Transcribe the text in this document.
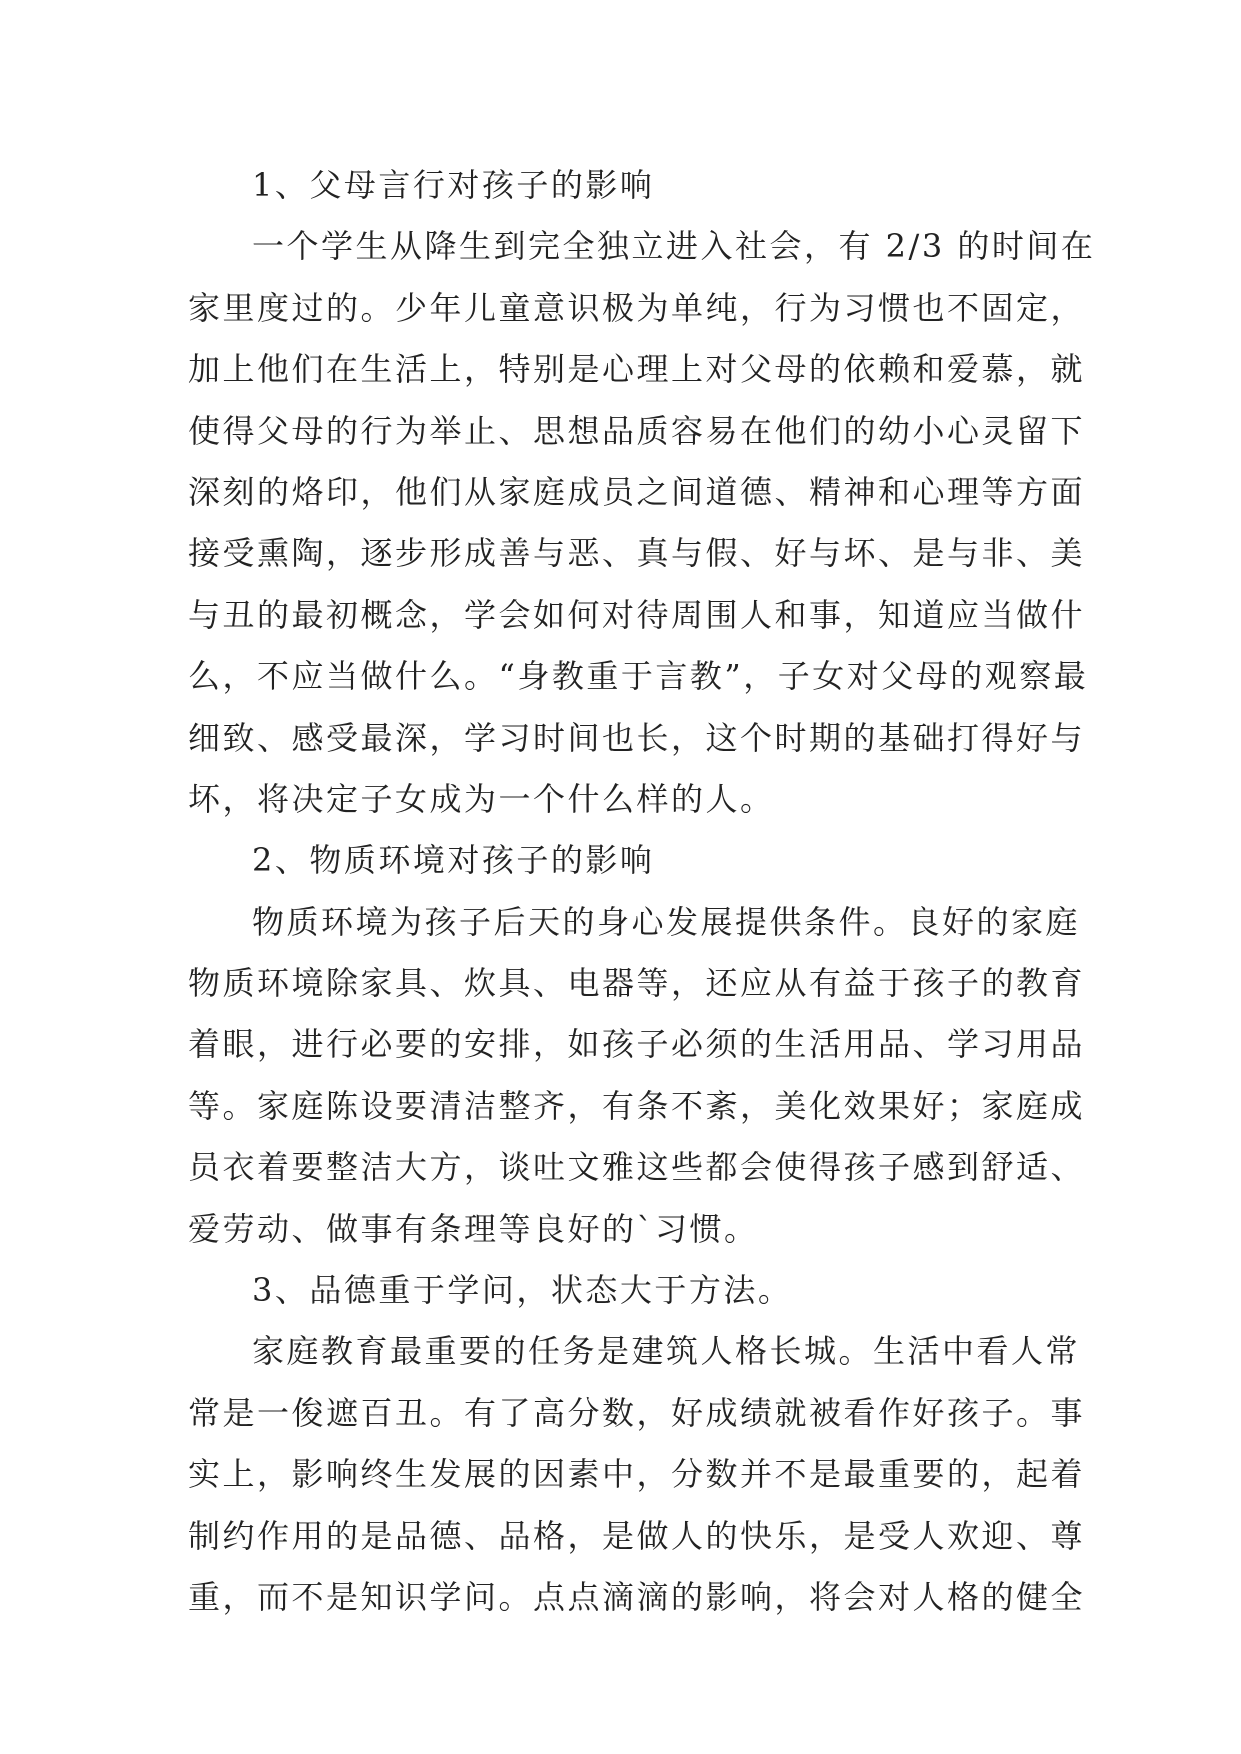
1、父母言行对孩子的影响
一个学生从降生到完全独立进入社会，有 2/3 的时间在
家里度过的。少年儿童意识极为单纯，行为习惯也不固定，
加上他们在生活上，特别是心理上对父母的依赖和爱慕，就
使得父母的行为举止、思想品质容易在他们的幼小心灵留下
深刻的烙印，他们从家庭成员之间道德、精神和心理等方面
接受熏陶，逐步形成善与恶、真与假、好与坏、是与非、美
与丑的最初概念，学会如何对待周围人和事，知道应当做什
么，不应当做什么。“身教重于言教”，子女对父母的观察最
细致、感受最深，学习时间也长，这个时期的基础打得好与
坏，将决定子女成为一个什么样的人。
2、物质环境对孩子的影响
物质环境为孩子后天的身心发展提供条件。良好的家庭
物质环境除家具、炊具、电器等，还应从有益于孩子的教育
着眼，进行必要的安排，如孩子必须的生活用品、学习用品
等。家庭陈设要清洁整齐，有条不紊，美化效果好；家庭成
员衣着要整洁大方，谈吐文雅这些都会使得孩子感到舒适、
爱劳动、做事有条理等良好的`习惯。
3、品德重于学问，状态大于方法。
家庭教育最重要的任务是建筑人格长城。生活中看人常
常是一俊遮百丑。有了高分数，好成绩就被看作好孩子。事
实上，影响终生发展的因素中，分数并不是最重要的，起着
制约作用的是品德、品格，是做人的快乐，是受人欢迎、尊
重，而不是知识学问。点点滴滴的影响，将会对人格的健全
